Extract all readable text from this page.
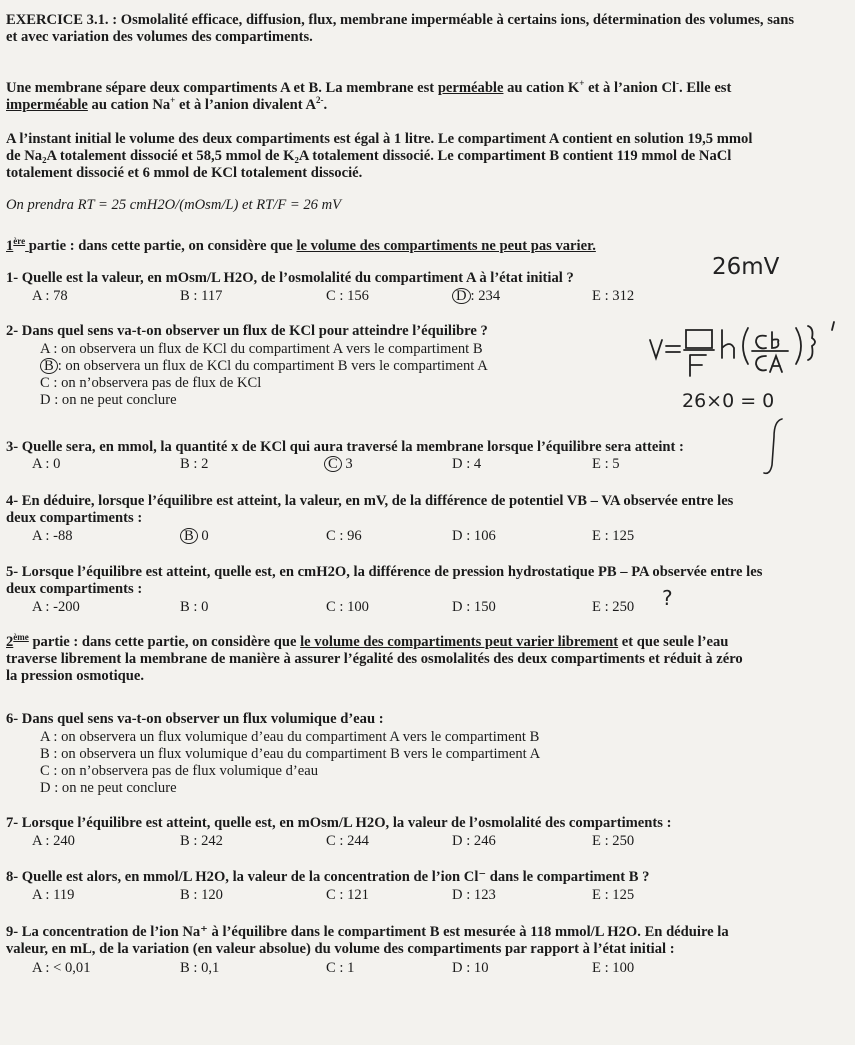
EXERCICE 3.1. : Osmolalité efficace, diffusion, flux, membrane imperméable à certains ions, détermination des volumes, sans
et avec variation des volumes des compartiments.
Une membrane sépare deux compartiments A et B. La membrane est perméable au cation K+ et à l’anion Cl-. Elle est
imperméable au cation Na+ et à l’anion divalent $A^{2-}$.
A l’instant initial le volume des deux compartiments est égal à 1 litre. Le compartiment A contient en solution 19,5 mmol
de Na₂A totalement dissocié et 58,5 mmol de K₂A totalement dissocié. Le compartiment B contient 119 mmol de NaCl
totalement dissocié et 6 mmol de KCl totalement dissocié.
On prendra RT = 25 cmH2O/(mOsm/L) et RT/F = 26 mV
1ère partie : dans cette partie, on considère que le volume des compartiments ne peut pas varier.
1- Quelle est la valeur, en mOsm/L H2O, de l’osmolalité du compartiment A à l’état initial ?
A : 78	B : 117	C : 156	D : 234	E : 312
2- Dans quel sens va-t-on observer un flux de KCl pour atteindre l’équilibre ?
A : on observera un flux de KCl du compartiment A vers le compartiment B
B : on observera un flux de KCl du compartiment B vers le compartiment A
C : on n’observera pas de flux de KCl
D : on ne peut conclure
3- Quelle sera, en mmol, la quantité x de KCl qui aura traversé la membrane lorsque l’équilibre sera atteint :
A : 0	B : 2	C 3	D : 4	E : 5
4- En déduire, lorsque l’équilibre est atteint, la valeur, en mV, de la différence de potentiel VB – VA observée entre les
deux compartiments :
A : -88	B 0	C : 96	D : 106	E : 125
5- Lorsque l’équilibre est atteint, quelle est, en cmH2O, la différence de pression hydrostatique PB – PA observée entre les
deux compartiments :
A : -200	B : 0	C : 100	D : 150	E : 250
2ème partie : dans cette partie, on considère que le volume des compartiments peut varier librement et que seule l’eau
traverse librement la membrane de manière à assurer l’égalité des osmolalités des deux compartiments et réduit à zéro
la pression osmotique.
6- Dans quel sens va-t-on observer un flux volumique d’eau :
A : on observera un flux volumique d’eau du compartiment A vers le compartiment B
B : on observera un flux volumique d’eau du compartiment B vers le compartiment A
C : on n’observera pas de flux volumique d’eau
D : on ne peut conclure
7- Lorsque l’équilibre est atteint, quelle est, en mOsm/L H2O, la valeur de l’osmolalité des compartiments :
A : 240	B : 242	C : 244	D : 246	E : 250
8- Quelle est alors, en mmol/L H2O, la valeur de la concentration de l’ion Cl⁻ dans le compartiment B ?
A : 119	B : 120	C : 121	D : 123	E : 125
9- La concentration de l’ion Na⁺ à l’équilibre dans le compartiment B est mesurée à 118 mmol/L H2O. En déduire la
valeur, en mL, de la variation (en valeur absolue) du volume des compartiments par rapport à l’état initial :
A : < 0,01	B : 0,1	C : 1	D : 10	E : 100
26mV
26×0 = 0
?
